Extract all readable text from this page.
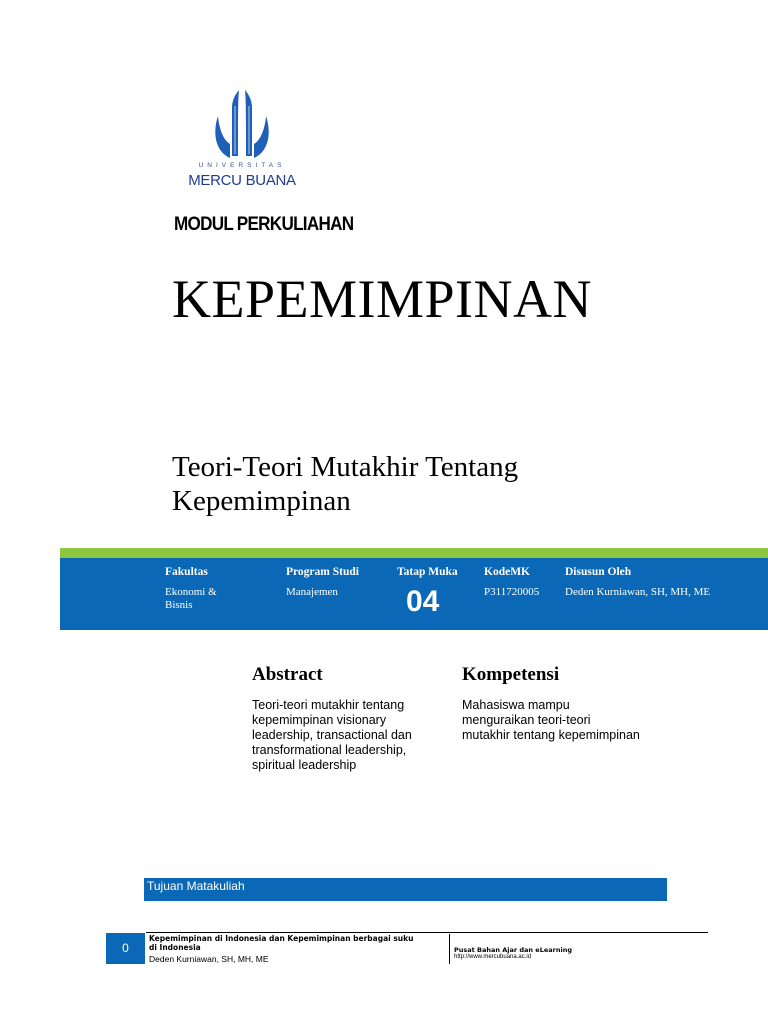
UNIVERSITAS
MERCU BUANA
MODUL PERKULIAHAN
KEPEMIMPINAN
Teori-Teori Mutakhir Tentang
Kepemimpinan
Fakultas
Ekonomi &
Bisnis
Program Studi
Manajemen
Tatap Muka
04
KodeMK
P311720005
Disusun Oleh
Deden Kurniawan, SH, MH, ME
Abstract
Teori-teori mutakhir tentang
kepemimpinan visionary
leadership, transactional dan
transformational leadership,
spiritual leadership
Kompetensi
Mahasiswa mampu
menguraikan teori-teori
mutakhir tentang kepemimpinan
Tujuan Matakuliah
0
Kepemimpinan di Indonesia dan Kepemimpinan berbagai suku
di Indonesia
Deden Kurniawan, SH, MH, ME
Pusat Bahan Ajar dan eLearning
http://www.mercubuana.ac.id
